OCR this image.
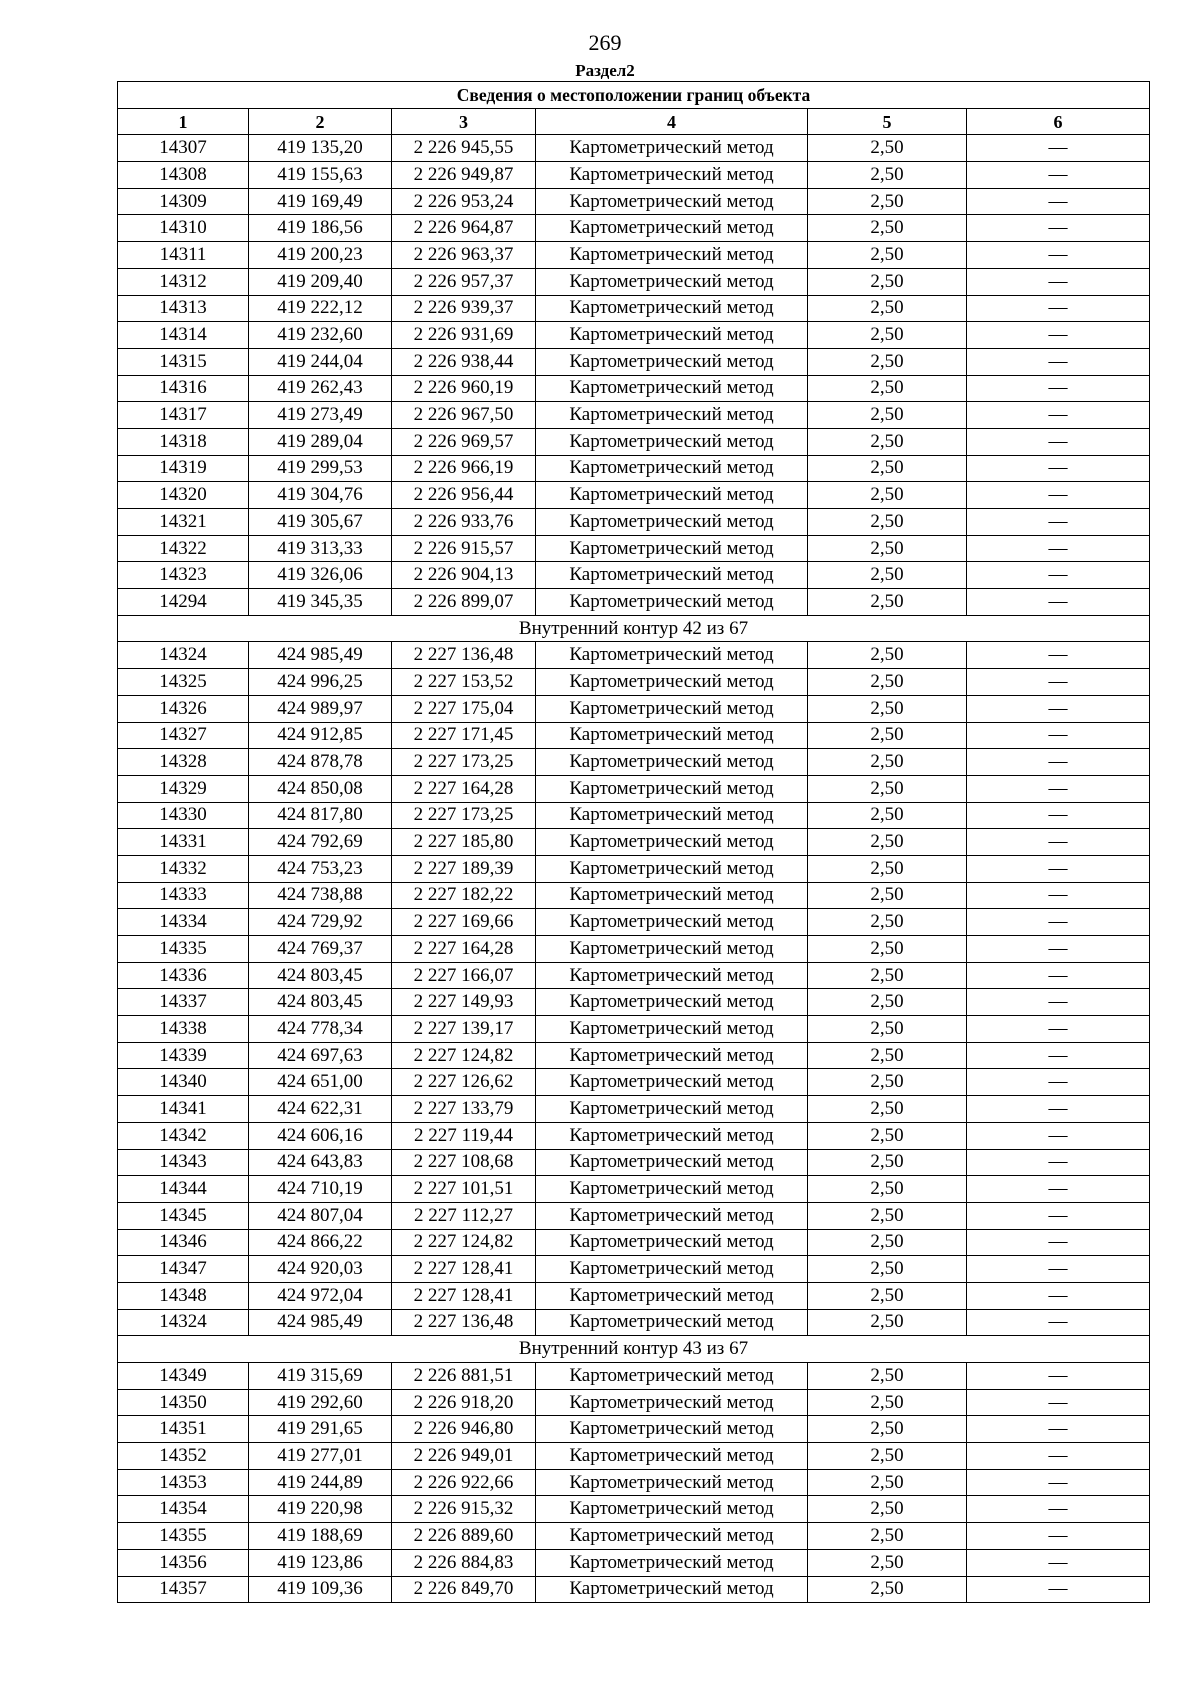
269
Раздел2
Сведения о местоположении границ объекта					
1	2	3	4	5	6
14307	419 135,20	2 226 945,55	Картометрический метод	2,50	—
14308	419 155,63	2 226 949,87	Картометрический метод	2,50	—
14309	419 169,49	2 226 953,24	Картометрический метод	2,50	—
14310	419 186,56	2 226 964,87	Картометрический метод	2,50	—
14311	419 200,23	2 226 963,37	Картометрический метод	2,50	—
14312	419 209,40	2 226 957,37	Картометрический метод	2,50	—
14313	419 222,12	2 226 939,37	Картометрический метод	2,50	—
14314	419 232,60	2 226 931,69	Картометрический метод	2,50	—
14315	419 244,04	2 226 938,44	Картометрический метод	2,50	—
14316	419 262,43	2 226 960,19	Картометрический метод	2,50	—
14317	419 273,49	2 226 967,50	Картометрический метод	2,50	—
14318	419 289,04	2 226 969,57	Картометрический метод	2,50	—
14319	419 299,53	2 226 966,19	Картометрический метод	2,50	—
14320	419 304,76	2 226 956,44	Картометрический метод	2,50	—
14321	419 305,67	2 226 933,76	Картометрический метод	2,50	—
14322	419 313,33	2 226 915,57	Картометрический метод	2,50	—
14323	419 326,06	2 226 904,13	Картометрический метод	2,50	—
14294	419 345,35	2 226 899,07	Картометрический метод	2,50	—
Внутренний контур 42 из 67					
14324	424 985,49	2 227 136,48	Картометрический метод	2,50	—
14325	424 996,25	2 227 153,52	Картометрический метод	2,50	—
14326	424 989,97	2 227 175,04	Картометрический метод	2,50	—
14327	424 912,85	2 227 171,45	Картометрический метод	2,50	—
14328	424 878,78	2 227 173,25	Картометрический метод	2,50	—
14329	424 850,08	2 227 164,28	Картометрический метод	2,50	—
14330	424 817,80	2 227 173,25	Картометрический метод	2,50	—
14331	424 792,69	2 227 185,80	Картометрический метод	2,50	—
14332	424 753,23	2 227 189,39	Картометрический метод	2,50	—
14333	424 738,88	2 227 182,22	Картометрический метод	2,50	—
14334	424 729,92	2 227 169,66	Картометрический метод	2,50	—
14335	424 769,37	2 227 164,28	Картометрический метод	2,50	—
14336	424 803,45	2 227 166,07	Картометрический метод	2,50	—
14337	424 803,45	2 227 149,93	Картометрический метод	2,50	—
14338	424 778,34	2 227 139,17	Картометрический метод	2,50	—
14339	424 697,63	2 227 124,82	Картометрический метод	2,50	—
14340	424 651,00	2 227 126,62	Картометрический метод	2,50	—
14341	424 622,31	2 227 133,79	Картометрический метод	2,50	—
14342	424 606,16	2 227 119,44	Картометрический метод	2,50	—
14343	424 643,83	2 227 108,68	Картометрический метод	2,50	—
14344	424 710,19	2 227 101,51	Картометрический метод	2,50	—
14345	424 807,04	2 227 112,27	Картометрический метод	2,50	—
14346	424 866,22	2 227 124,82	Картометрический метод	2,50	—
14347	424 920,03	2 227 128,41	Картометрический метод	2,50	—
14348	424 972,04	2 227 128,41	Картометрический метод	2,50	—
14324	424 985,49	2 227 136,48	Картометрический метод	2,50	—
Внутренний контур 43 из 67					
14349	419 315,69	2 226 881,51	Картометрический метод	2,50	—
14350	419 292,60	2 226 918,20	Картометрический метод	2,50	—
14351	419 291,65	2 226 946,80	Картометрический метод	2,50	—
14352	419 277,01	2 226 949,01	Картометрический метод	2,50	—
14353	419 244,89	2 226 922,66	Картометрический метод	2,50	—
14354	419 220,98	2 226 915,32	Картометрический метод	2,50	—
14355	419 188,69	2 226 889,60	Картометрический метод	2,50	—
14356	419 123,86	2 226 884,83	Картометрический метод	2,50	—
14357	419 109,36	2 226 849,70	Картометрический метод	2,50	—
